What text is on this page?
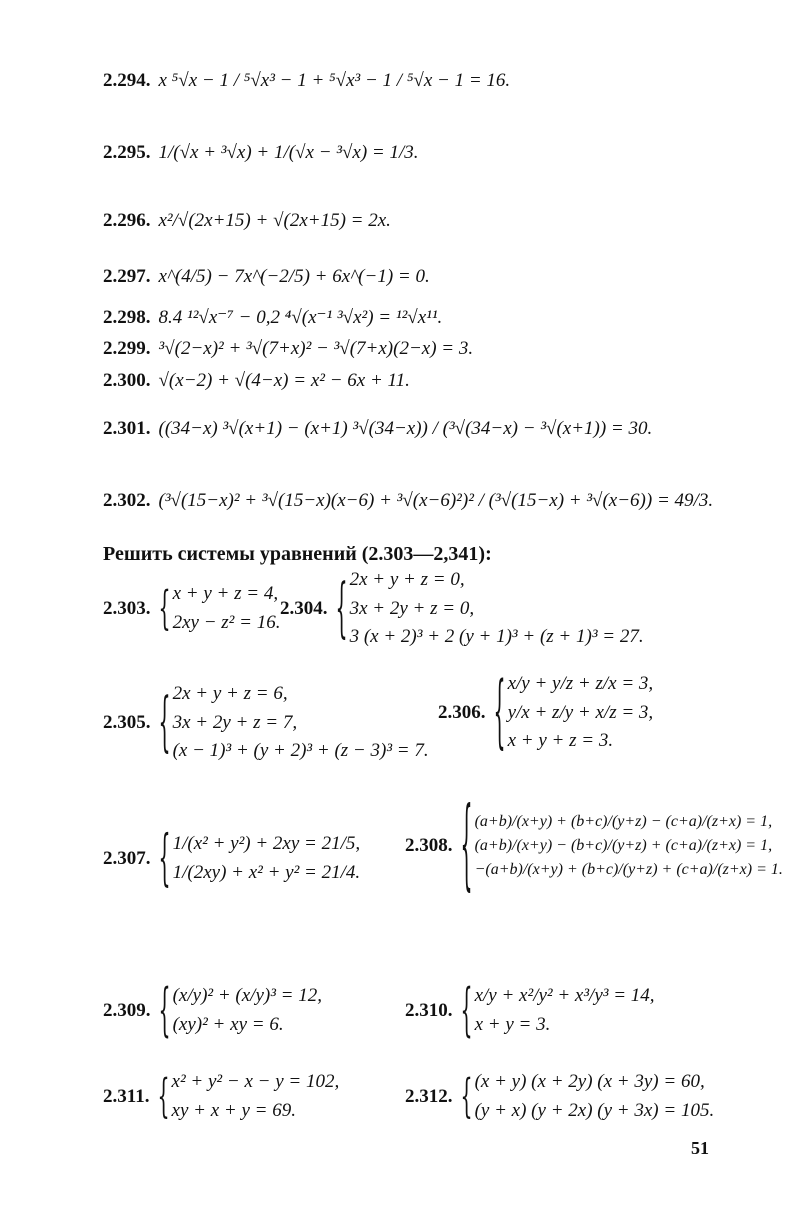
2.294. x ⁵√x − 1 / ⁵√x³ − 1 + ⁵√x³ − 1 / ⁵√x − 1 = 16.
2.295. 1/(√x + ³√x) + 1/(√x − ³√x) = 1/3.
2.296. x²/√(2x+15) + √(2x+15) = 2x.
2.297. x^(4/5) − 7x^(−2/5) + 6x^(−1) = 0.
2.298. 8.4 ¹²√x⁻⁷ − 0,2 ⁴√(x⁻¹ ³√x²) = ¹²√x¹¹.
2.299. ³√(2−x)² + ³√(7+x)² − ³√(7+x)(2−x) = 3.
2.300. √(x−2) + √(4−x) = x² − 6x + 11.
2.301. ((34−x) ³√(x+1) − (x+1) ³√(34−x)) / (³√(34−x) − ³√(x+1)) = 30.
2.302. (³√(15−x)² + ³√(15−x)(x−6) + ³√(x−6)²)² / (³√(15−x) + ³√(x−6)) = 49/3.
Решить системы уравнений (2.303—2,341):
2.303. { x + y + z = 4,
2xy − z² = 16.
2.304. { 2x + y + z = 0,
3x + 2y + z = 0,
3 (x + 2)³ + 2 (y + 1)³ + (z + 1)³ = 27.
2.305. { 2x + y + z = 6,
3x + 2y + z = 7,
(x − 1)³ + (y + 2)³ + (z − 3)³ = 7.
2.306. { x/y + y/z + z/x = 3,
y/x + z/y + x/z = 3,
x + y + z = 3.
2.307. { 1/(x² + y²) + 2xy = 21/5,
1/(2xy) + x² + y² = 21/4.
2.308. { (a+b)/(x+y) + (b+c)/(y+z) − (c+a)/(z+x) = 1,
(a+b)/(x+y) − (b+c)/(y+z) + (c+a)/(z+x) = 1,
−(a+b)/(x+y) + (b+c)/(y+z) + (c+a)/(z+x) = 1.
2.309. { (x/y)² + (x/y)³ = 12,
(xy)² + xy = 6.
2.310. { x/y + x²/y² + x³/y³ = 14,
x + y = 3.
2.311. { x² + y² − x − y = 102,
xy + x + y = 69.
2.312. { (x + y) (x + 2y) (x + 3y) = 60,
(y + x) (y + 2x) (y + 3x) = 105.
51
